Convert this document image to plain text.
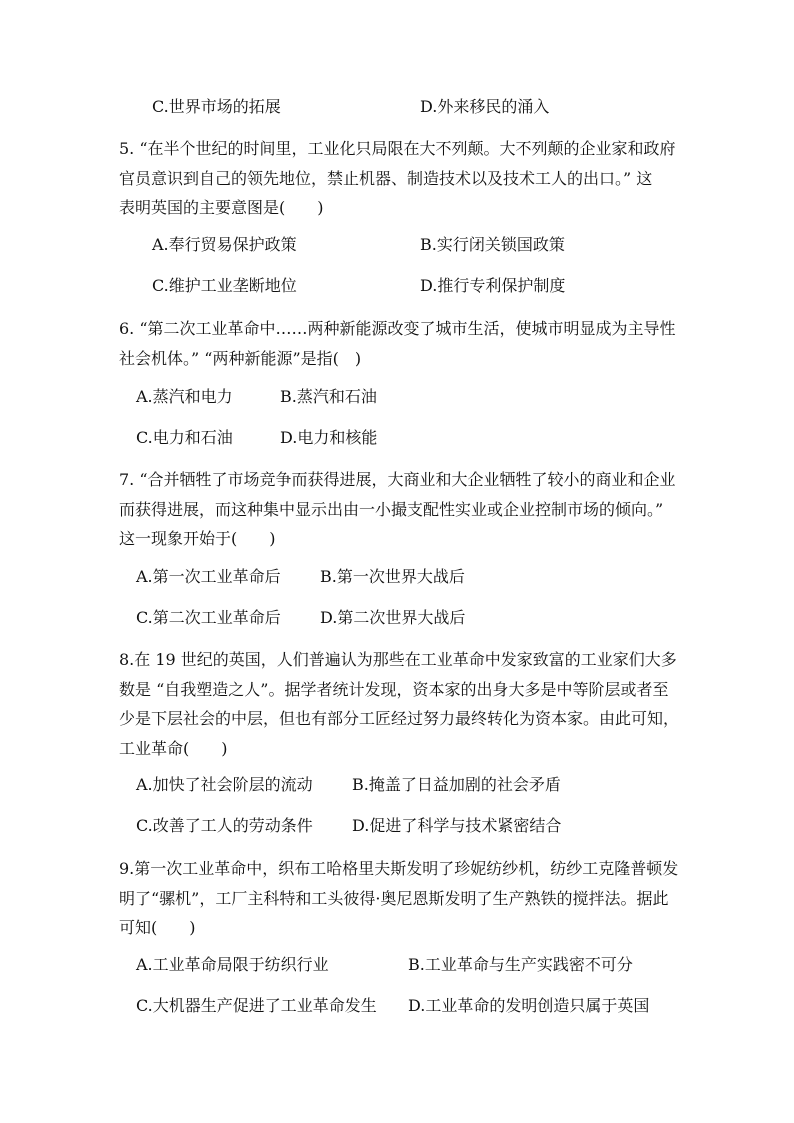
C.世界市场的拓展	D.外来移民的涌入
5. “在半个世纪的时间里，工业化只局限在大不列颠。大不列颠的企业家和政府
官员意识到自己的领先地位，禁止机器、制造技术以及技术工人的出口。” 这
表明英国的主要意图是(　　)
A.奉行贸易保护政策	B.实行闭关锁国政策
C.维护工业垄断地位	D.推行专利保护制度
6. “第二次工业革命中……两种新能源改变了城市生活，使城市明显成为主导性
社会机体。” “两种新能源”是指(　)
A.蒸汽和电力	B.蒸汽和石油
C.电力和石油	D.电力和核能
7. “合并牺牲了市场竞争而获得进展，大商业和大企业牺牲了较小的商业和企业
而获得进展，而这种集中显示出由一小撮支配性实业或企业控制市场的倾向。”
这一现象开始于(　　)
A.第一次工业革命后 B.第一次世界大战后
C.第二次工业革命后 D.第二次世界大战后
8.在 19 世纪的英国，人们普遍认为那些在工业革命中发家致富的工业家们大多
数是 “自我塑造之人”。据学者统计发现，资本家的出身大多是中等阶层或者至
少是下层社会的中层，但也有部分工匠经过努力最终转化为资本家。由此可知，
工业革命(　　)
A.加快了社会阶层的流动 B.掩盖了日益加剧的社会矛盾
C.改善了工人的劳动条件 D.促进了科学与技术紧密结合
9.第一次工业革命中，织布工哈格里夫斯发明了珍妮纺纱机，纺纱工克隆普顿发
明了“骡机”，工厂主科特和工头彼得·奥尼恩斯发明了生产熟铁的搅拌法。据此
可知(　　)
A.工业革命局限于纺织行业	B.工业革命与生产实践密不可分
C.大机器生产促进了工业革命发生 D.工业革命的发明创造只属于英国
